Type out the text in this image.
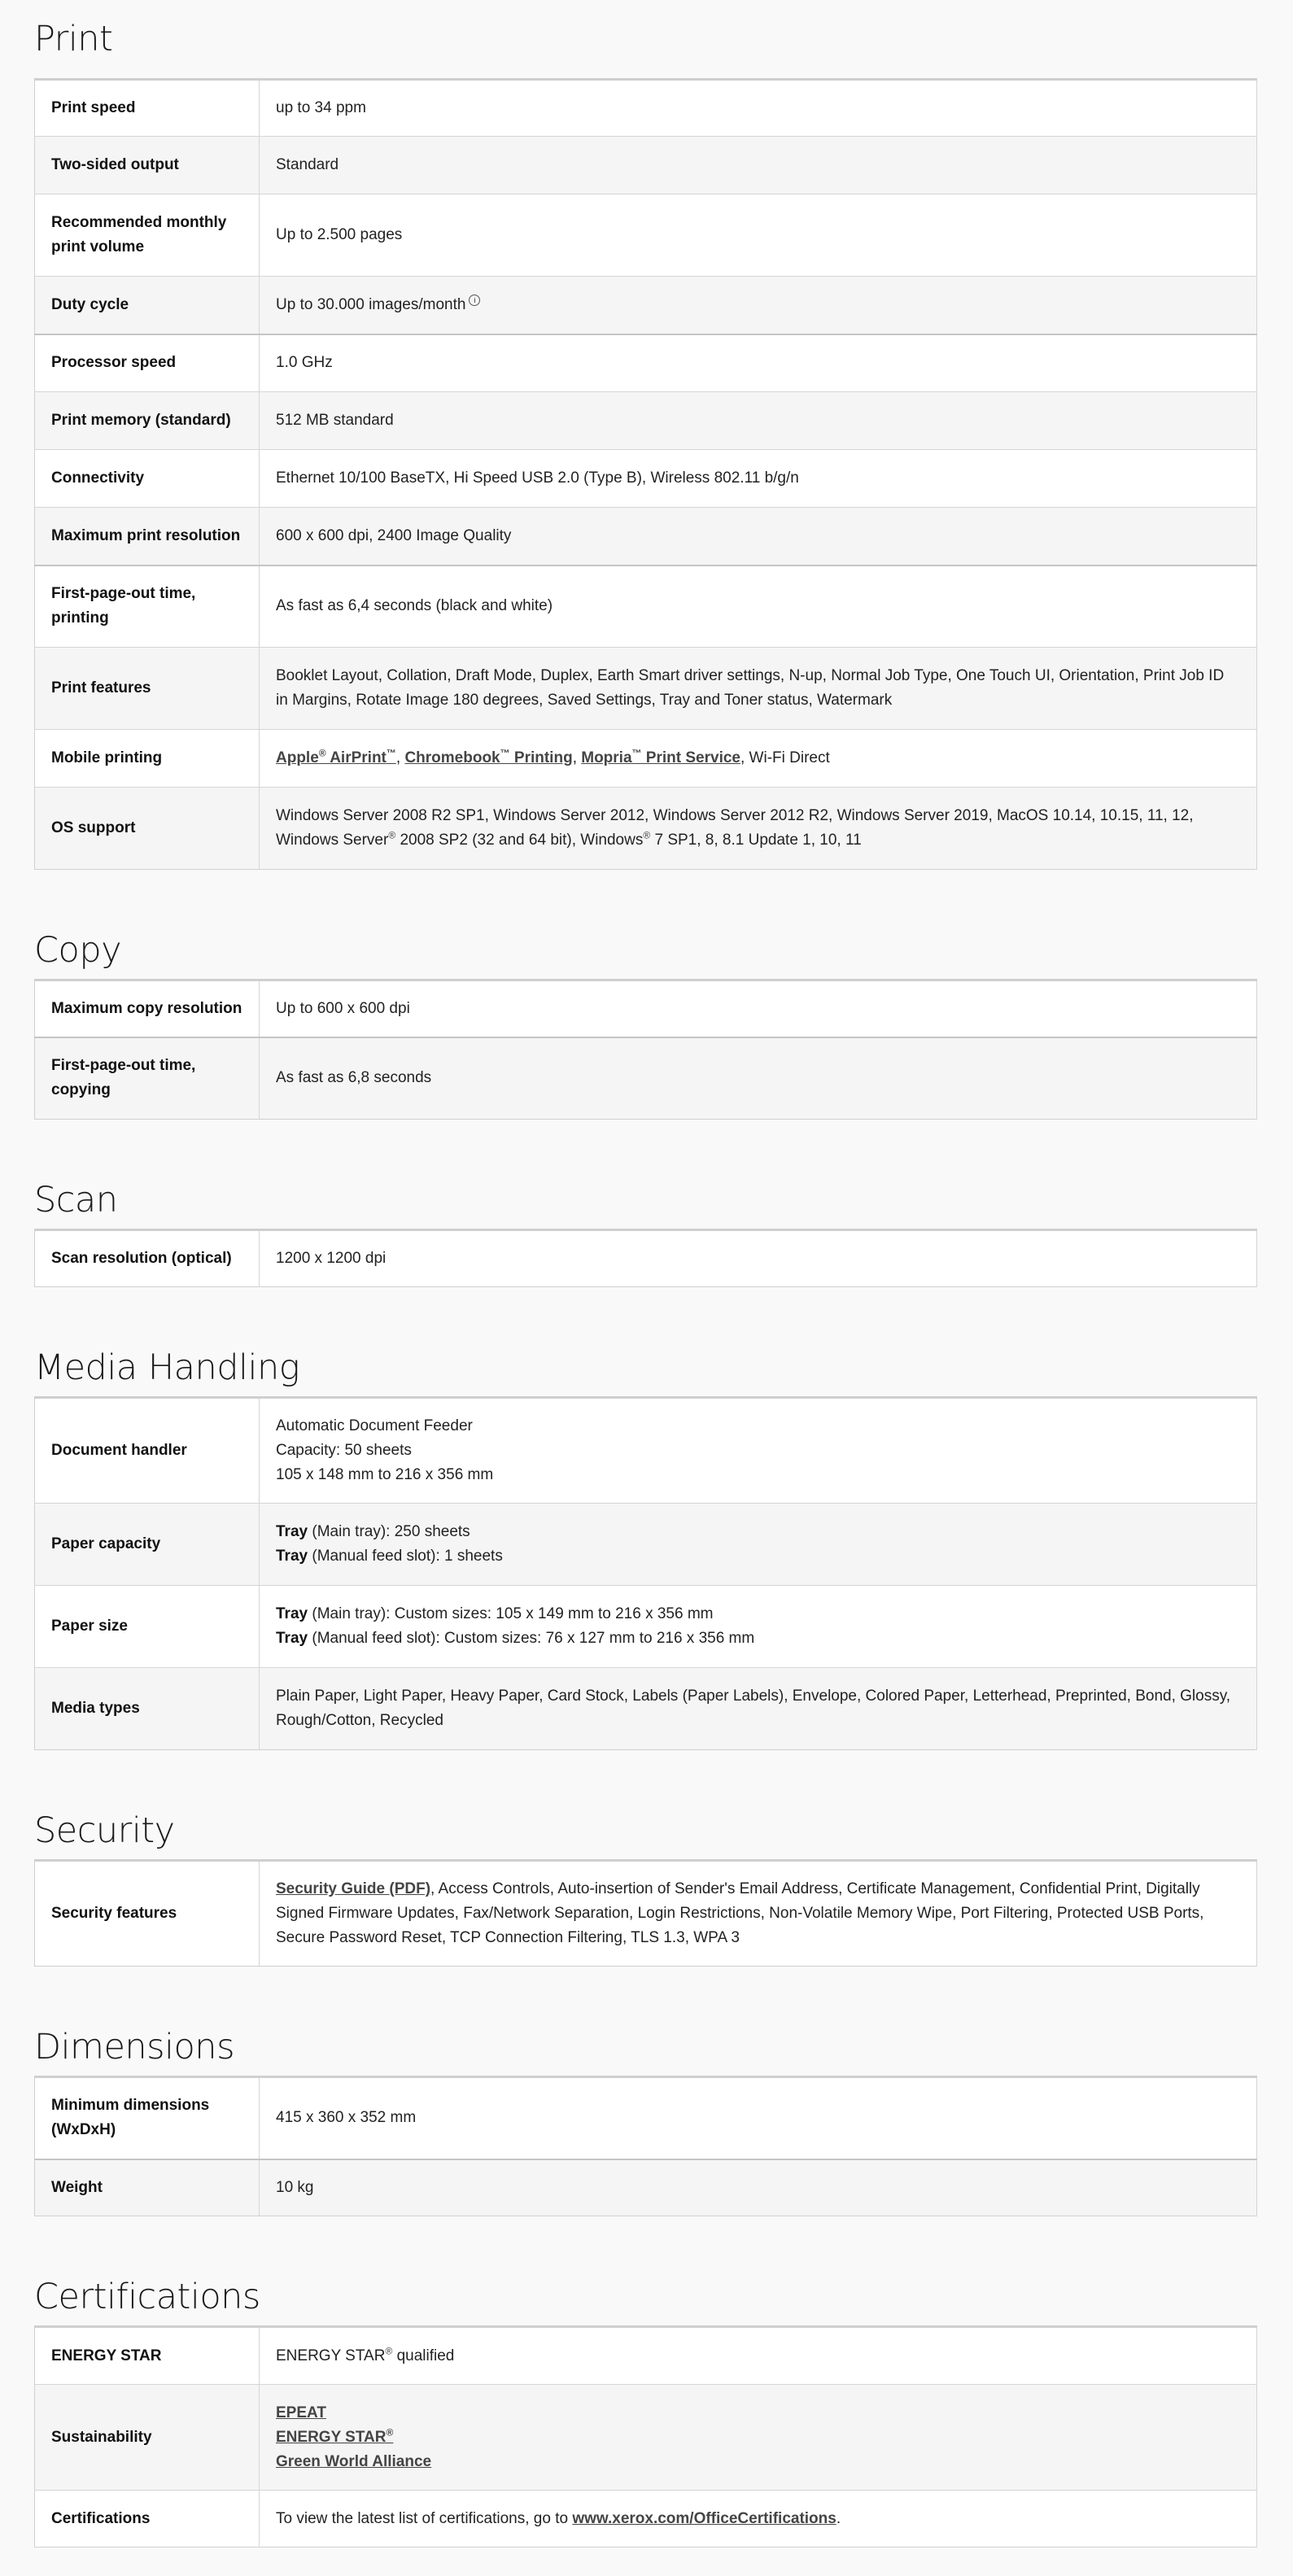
Print
Print speed	up to 34 ppm
Two-sided output	Standard
Recommended monthly print volume	Up to 2.500 pages
Duty cycle	Up to 30.000 images/month i
Processor speed	1.0 GHz
Print memory (standard)	512 MB standard
Connectivity	Ethernet 10/100 BaseTX, Hi Speed USB 2.0 (Type B), Wireless 802.11 b/g/n
Maximum print resolution	600 x 600 dpi, 2400 Image Quality
First-page-out time, printing	As fast as 6,4 seconds (black and white)
Print features	Booklet Layout, Collation, Draft Mode, Duplex, Earth Smart driver settings, N-up, Normal Job Type, One Touch UI, Orientation, Print Job ID in Margins, Rotate Image 180 degrees, Saved Settings, Tray and Toner status, Watermark
Mobile printing	Apple® AirPrint™, Chromebook™ Printing, Mopria™ Print Service, Wi-Fi Direct
OS support	Windows Server 2008 R2 SP1, Windows Server 2012, Windows Server 2012 R2, Windows Server 2019, MacOS 10.14, 10.15, 11, 12, Windows Server® 2008 SP2 (32 and 64 bit), Windows® 7 SP1, 8, 8.1 Update 1, 10, 11
Copy
Maximum copy resolution	Up to 600 x 600 dpi
First-page-out time, copying	As fast as 6,8 seconds
Scan
Scan resolution (optical)	1200 x 1200 dpi
Media Handling
Document handler	Automatic Document Feeder
Capacity: 50 sheets
105 x 148 mm to 216 x 356 mm

Paper capacity	Tray (Main tray): 250 sheets
Tray (Manual feed slot): 1 sheets

Paper size	Tray (Main tray): Custom sizes: 105 x 149 mm to 216 x 356 mm
Tray (Manual feed slot): Custom sizes: 76 x 127 mm to 216 x 356 mm

Media types	Plain Paper, Light Paper, Heavy Paper, Card Stock, Labels (Paper Labels), Envelope, Colored Paper, Letterhead, Preprinted, Bond, Glossy, Rough/Cotton, Recycled
Security
Security features	Security Guide (PDF), Access Controls, Auto-insertion of Sender's Email Address, Certificate Management, Confidential Print, Digitally Signed Firmware Updates, Fax/Network Separation, Login Restrictions, Non-Volatile Memory Wipe, Port Filtering, Protected USB Ports, Secure Password Reset, TCP Connection Filtering, TLS 1.3, WPA 3
Dimensions
Minimum dimensions (WxDxH)	415 x 360 x 352 mm
Weight	10 kg
Certifications
ENERGY STAR	ENERGY STAR® qualified
Sustainability	EPEAT
ENERGY STAR®
Green World Alliance

Certifications	To view the latest list of certifications, go to www.xerox.com/OfficeCertifications.
